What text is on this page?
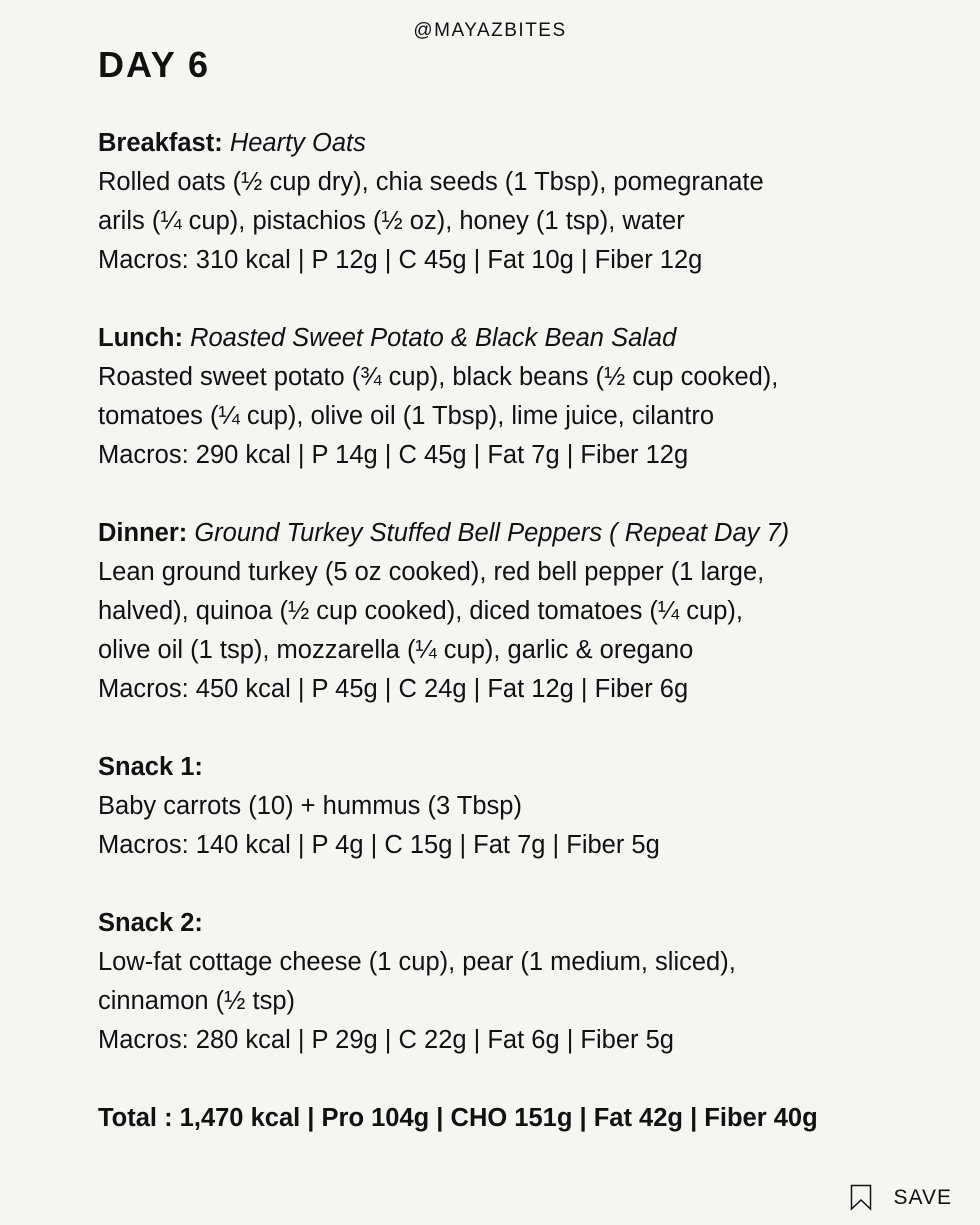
@MAYAZBITES
DAY 6
Breakfast: Hearty Oats
Rolled oats (½ cup dry), chia seeds (1 Tbsp), pomegranate
arils (¼ cup), pistachios (½ oz), honey (1 tsp), water
Macros: 310 kcal | P 12g | C 45g | Fat 10g | Fiber 12g
Lunch: Roasted Sweet Potato & Black Bean Salad
Roasted sweet potato (¾ cup), black beans (½ cup cooked),
tomatoes (¼ cup), olive oil (1 Tbsp), lime juice, cilantro
Macros: 290 kcal | P 14g | C 45g | Fat 7g | Fiber 12g
Dinner: Ground Turkey Stuffed Bell Peppers ( Repeat Day 7)
Lean ground turkey (5 oz cooked), red bell pepper (1 large,
halved), quinoa (½ cup cooked), diced tomatoes (¼ cup),
olive oil (1 tsp), mozzarella (¼ cup), garlic & oregano
Macros: 450 kcal | P 45g | C 24g | Fat 12g | Fiber 6g
Snack 1:
Baby carrots (10) + hummus (3 Tbsp)
Macros: 140 kcal | P 4g | C 15g | Fat 7g | Fiber 5g
Snack 2:
Low-fat cottage cheese (1 cup), pear (1 medium, sliced),
cinnamon (½ tsp)
Macros: 280 kcal | P 29g | C 22g | Fat 6g | Fiber 5g
Total : 1,470 kcal | Pro 104g | CHO 151g | Fat 42g | Fiber 40g
SAVE
